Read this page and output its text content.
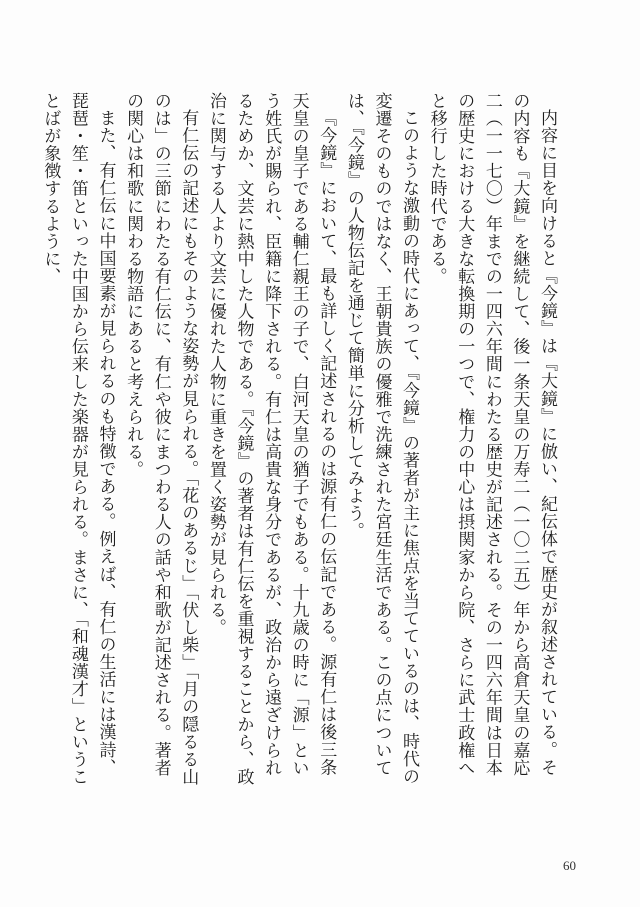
内容に目を向けると『今鏡』は『大鏡』に倣い、紀伝体で歴史が叙述されている。その内容も『大鏡』を継続して、後一条天皇の万寿二（一〇二五）年から高倉天皇の嘉応二（一一七〇）年までの一四六年間にわたる歴史が記述される。その一四六年間は日本の歴史における大きな転換期の一つで、権力の中心は摂関家から院、さらに武士政権へと移行した時代である。

このような激動の時代にあって、『今鏡』の著者が主に焦点を当てているのは、時代の変遷そのものではなく、王朝貴族の優雅で洗練された宮廷生活である。この点については、『今鏡』の人物伝記を通じて簡単に分析してみよう。

『今鏡』において、最も詳しく記述されるのは源有仁の伝記である。源有仁は後三条天皇の皇子である輔仁親王の子で、白河天皇の猶子でもある。十九歳の時に「源」という姓氏が賜られ、臣籍に降下される。有仁は高貴な身分であるが、政治から遠ざけられるためか、文芸に熱中した人物である。『今鏡』の著者は有仁伝を重視することから、政治に関与する人より文芸に優れた人物に重きを置く姿勢が見られる。

有仁伝の記述にもそのような姿勢が見られる。「花のあるじ」「伏し柴」「月の隠るる山のは」の三節にわたる有仁伝に、有仁や彼にまつわる人の話や和歌が記述される。著者の関心は和歌に関わる物語にあると考えられる。

また、有仁伝に中国要素が見られるのも特徴である。例えば、有仁の生活には漢詩、琵琶・笙・笛といった中国から伝来した楽器が見られる。まさに、「和魂漢才」ということばが象徴するように、

60
